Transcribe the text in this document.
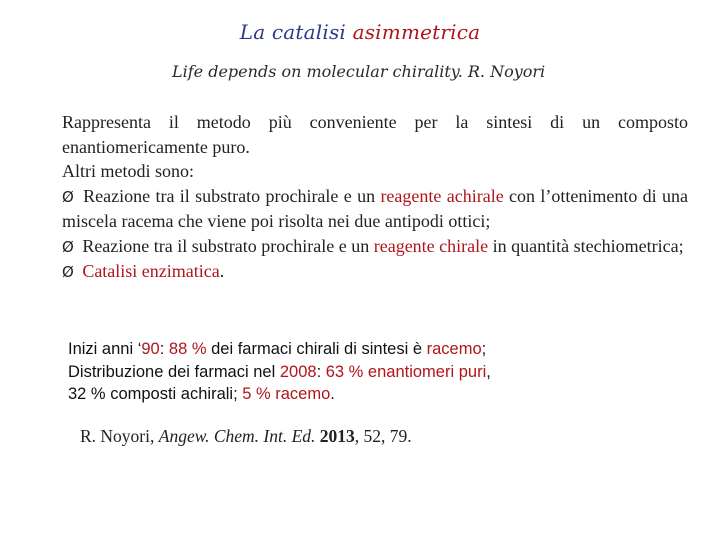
La catalisi asimmetrica
Life depends on molecular chirality. R. Noyori
Rappresenta il metodo più conveniente per la sintesi di un composto enantiomericamente puro.
Altri metodi sono:
Ø Reazione tra il substrato prochirale e un reagente achirale con l’ottenimento di una miscela racema che viene poi risolta nei due antipodi ottici;
Ø Reazione tra il substrato prochirale e un reagente chirale in quantità stechiometrica;
Ø Catalisi enzimatica.
Inizi anni ‘90: 88 % dei farmaci chirali di sintesi è racemo;
Distribuzione dei farmaci nel 2008: 63 % enantiomeri puri,
32 % composti achirali; 5 % racemo.
R. Noyori, Angew. Chem. Int. Ed. 2013, 52, 79.
